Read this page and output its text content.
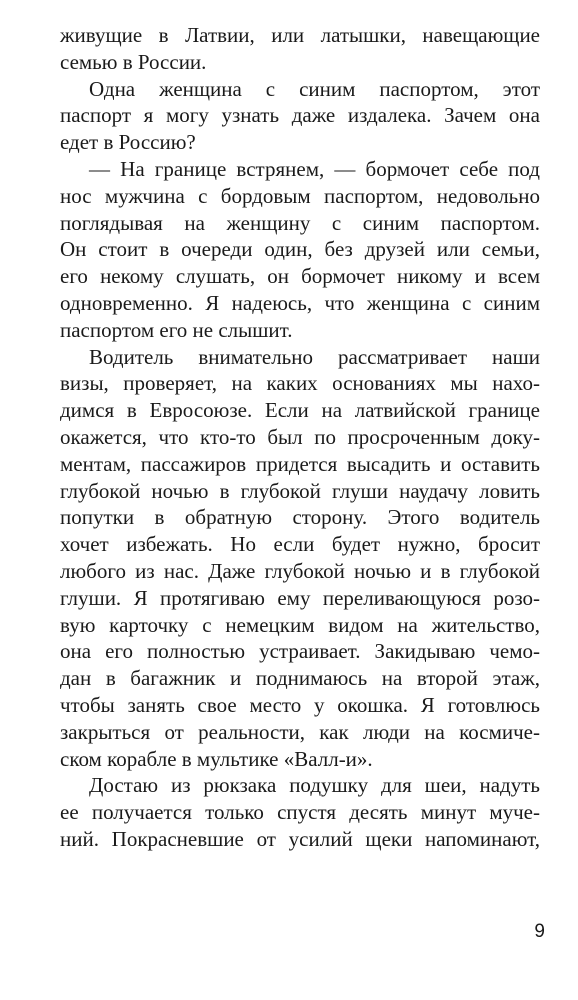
живущие в Латвии, или латышки, навещающие
семью в России.
Одна женщина с синим паспортом, этот
паспорт я могу узнать даже издалека. Зачем она
едет в Россию?
— На границе встрянем, — бормочет себе под
нос мужчина с бордовым паспортом, недовольно
поглядывая на женщину с синим паспортом.
Он стоит в очереди один, без друзей или семьи,
его некому слушать, он бормочет никому и всем
одновременно. Я надеюсь, что женщина с синим
паспортом его не слышит.
Водитель внимательно рассматривает наши
визы, проверяет, на каких основаниях мы нахо-
димся в Евросоюзе. Если на латвийской границе
окажется, что кто-то был по просроченным доку-
ментам, пассажиров придется высадить и оставить
глубокой ночью в глубокой глуши наудачу ловить
попутки в обратную сторону. Этого водитель
хочет избежать. Но если будет нужно, бросит
любого из нас. Даже глубокой ночью и в глубокой
глуши. Я протягиваю ему переливающуюся розо-
вую карточку с немецким видом на жительство,
она его полностью устраивает. Закидываю чемо-
дан в багажник и поднимаюсь на второй этаж,
чтобы занять свое место у окошка. Я готовлюсь
закрыться от реальности, как люди на космиче-
ском корабле в мультике «Валл-и».
Достаю из рюкзака подушку для шеи, надуть
ее получается только спустя десять минут муче-
ний. Покрасневшие от усилий щеки напоминают,
9
